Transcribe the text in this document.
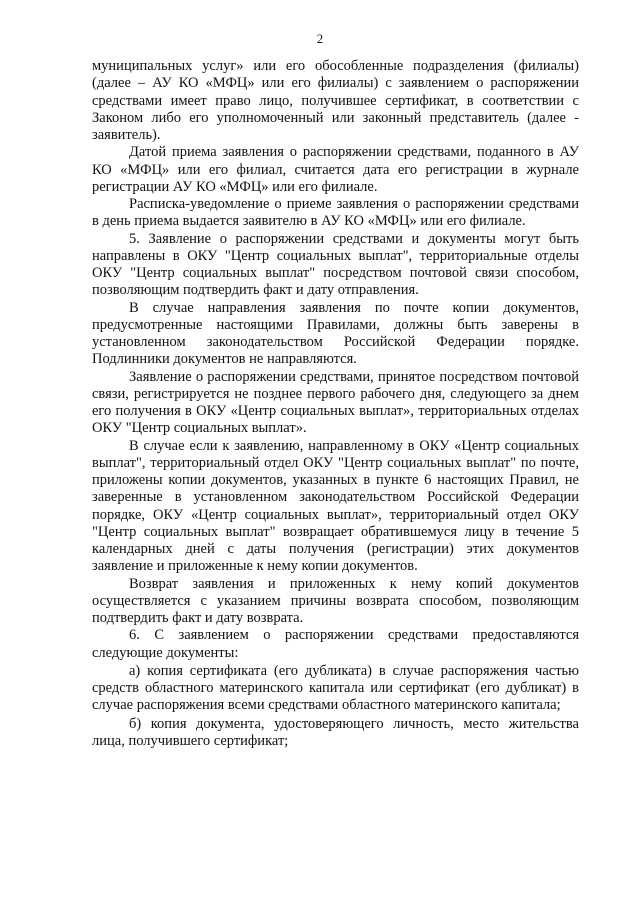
2

муниципальных услуг» или его обособленные подразделения (филиалы) (далее – АУ КО «МФЦ» или его филиалы) с заявлением о распоряжении средствами имеет право лицо, получившее сертификат, в соответствии с Законом либо его уполномоченный или законный представитель (далее - заявитель).

Датой приема заявления о распоряжении средствами, поданного в АУ КО «МФЦ» или его филиал, считается дата его регистрации в журнале регистрации АУ КО «МФЦ» или его филиале.

Расписка-уведомление о приеме заявления о распоряжении средствами в день приема выдается заявителю в АУ КО «МФЦ» или его филиале.

5. Заявление о распоряжении средствами и документы могут быть направлены в ОКУ "Центр социальных выплат", территориальные отделы ОКУ "Центр социальных выплат" посредством почтовой связи способом, позволяющим подтвердить факт и дату отправления.

В случае направления заявления по почте копии документов, предусмотренные настоящими Правилами, должны быть заверены в установленном законодательством Российской Федерации порядке. Подлинники документов не направляются.

Заявление о распоряжении средствами, принятое посредством почтовой связи, регистрируется не позднее первого рабочего дня, следующего за днем его получения в ОКУ «Центр социальных выплат», территориальных отделах ОКУ "Центр социальных выплат».

В случае если к заявлению, направленному в ОКУ «Центр социальных выплат", территориальный отдел ОКУ "Центр социальных выплат" по почте, приложены копии документов, указанных в пункте 6 настоящих Правил, не заверенные в установленном законодательством Российской Федерации порядке, ОКУ «Центр социальных выплат», территориальный отдел ОКУ "Центр социальных выплат" возвращает обратившемуся лицу в течение 5 календарных дней с даты получения (регистрации) этих документов заявление и приложенные к нему копии документов.

Возврат заявления и приложенных к нему копий документов осуществляется с указанием причины возврата способом, позволяющим подтвердить факт и дату возврата.

6. С заявлением о распоряжении средствами предоставляются следующие документы:

а) копия сертификата (его дубликата) в случае распоряжения частью средств областного материнского капитала или сертификат (его дубликат) в случае распоряжения всеми средствами областного материнского капитала;

б) копия документа, удостоверяющего личность, место жительства лица, получившего сертификат;
